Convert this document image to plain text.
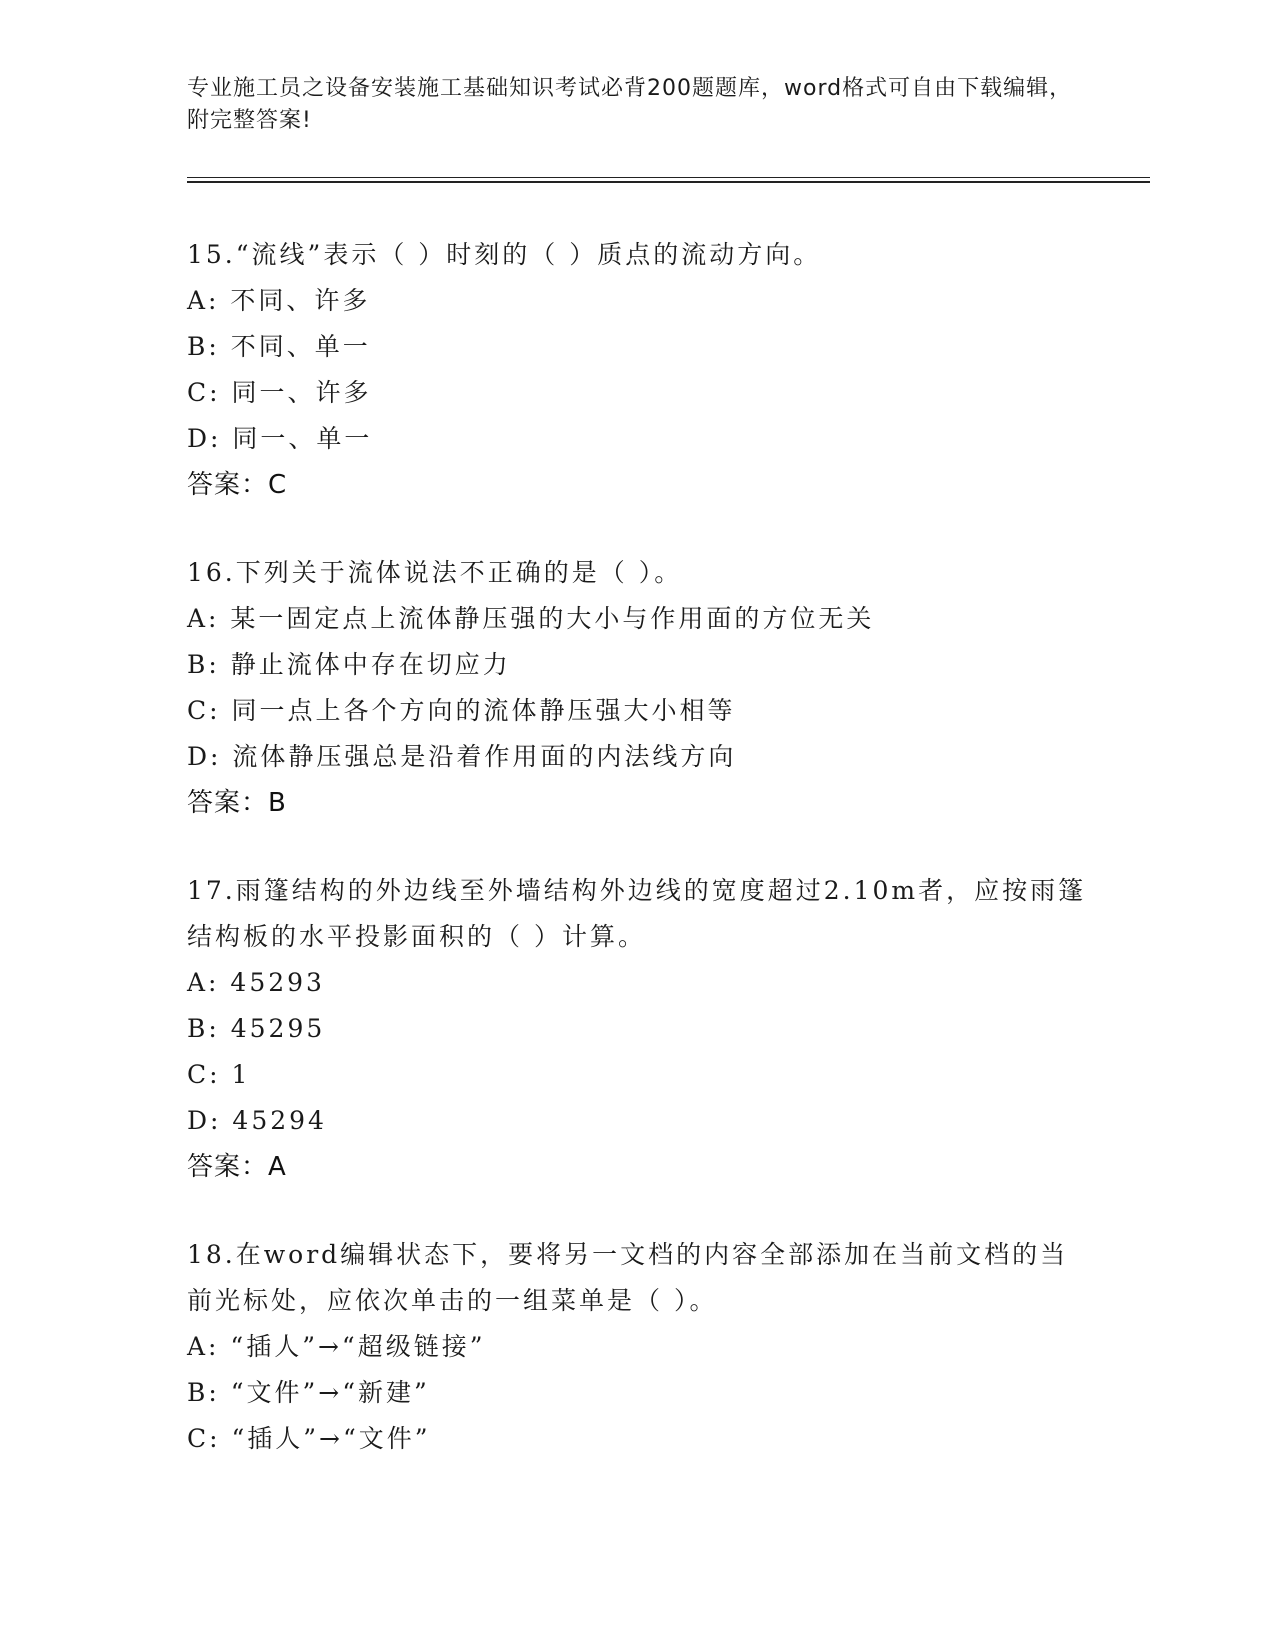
专业施工员之设备安装施工基础知识考试必背200题题库，word格式可自由下载编辑，附完整答案!
15.“流线”表示（ ）时刻的（ ）质点的流动方向。
A: 不同、许多
B: 不同、单一
C: 同一、许多
D: 同一、单一
答案：C
16.下列关于流体说法不正确的是（ ）。
A: 某一固定点上流体静压强的大小与作用面的方位无关
B: 静止流体中存在切应力
C: 同一点上各个方向的流体静压强大小相等
D: 流体静压强总是沿着作用面的内法线方向
答案：B
17.雨篷结构的外边线至外墙结构外边线的宽度超过2.10m者，应按雨篷结构板的水平投影面积的（ ）计算。
A: 45293
B: 45295
C: 1
D: 45294
答案：A
18.在word编辑状态下，要将另一文档的内容全部添加在当前文档的当前光标处，应依次单击的一组菜单是（ ）。
A: “插人”→“超级链接”
B: “文件”→“新建”
C: “插人”→“文件”
